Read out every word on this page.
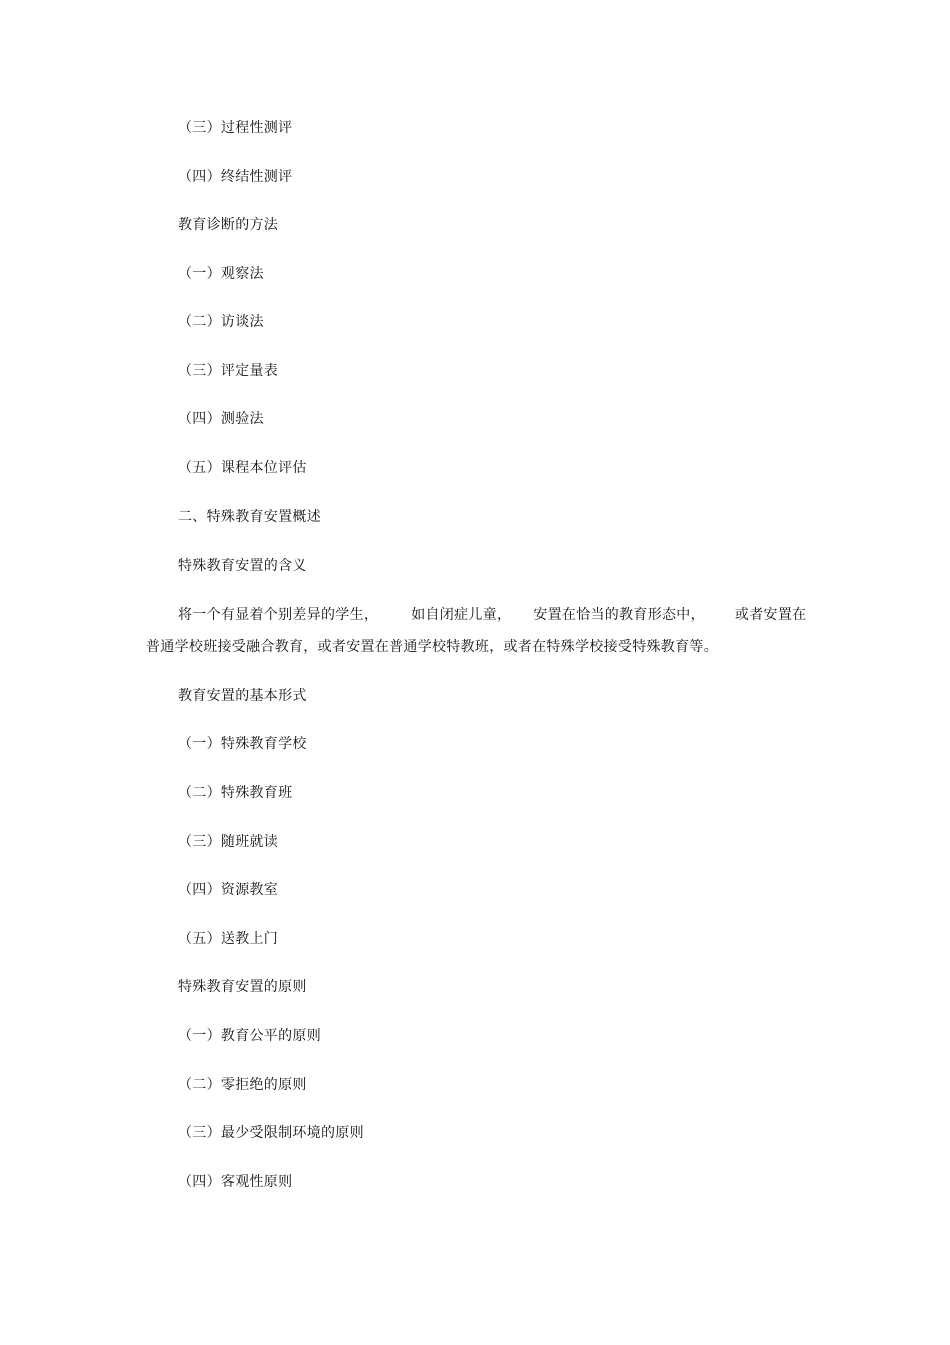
（三）过程性测评
（四）终结性测评
教育诊断的方法
（一）观察法
（二）访谈法
（三）评定量表
（四）测验法
（五）课程本位评估
二、特殊教育安置概述
特殊教育安置的含义
将一个有显着个别差异的学生， 如自闭症儿童， 安置在恰当的教育形态中， 或者安置在
普通学校班接受融合教育，或者安置在普通学校特教班，或者在特殊学校接受特殊教育等。
教育安置的基本形式
（一）特殊教育学校
（二）特殊教育班
（三）随班就读
（四）资源教室
（五）送教上门
特殊教育安置的原则
（一）教育公平的原则
（二）零拒绝的原则
（三）最少受限制环境的原则
（四）客观性原则
